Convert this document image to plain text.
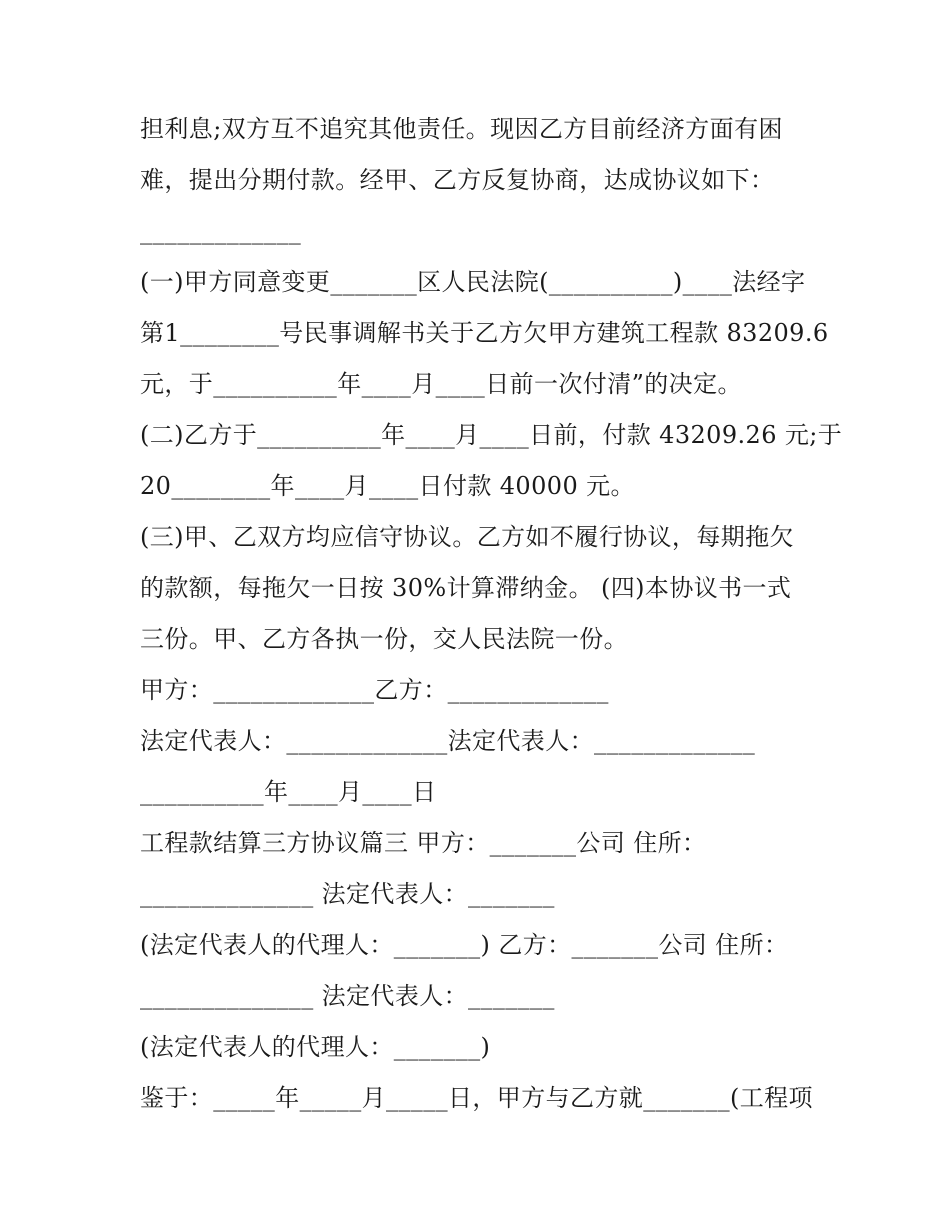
担利息;双方互不追究其他责任。现因乙方目前经济方面有困
难，提出分期付款。经甲、乙方反复协商，达成协议如下：
_____________
(一)甲方同意变更_______区人民法院(__________)____法经字
第1________号民事调解书关于乙方欠甲方建筑工程款 83209.6
元，于__________年____月____日前一次付清”的决定。
(二)乙方于__________年____月____日前，付款 43209.26 元;于
20________年____月____日付款 40000 元。
(三)甲、乙双方均应信守协议。乙方如不履行协议，每期拖欠
的款额，每拖欠一日按 30%计算滞纳金。 (四)本协议书一式
三份。甲、乙方各执一份，交人民法院一份。
甲方：_____________乙方：_____________
法定代表人：_____________法定代表人：_____________
__________年____月____日
工程款结算三方协议篇三 甲方：_______公司 住所：
______________ 法定代表人：_______
(法定代表人的代理人：_______) 乙方：_______公司 住所：
______________ 法定代表人：_______
(法定代表人的代理人：_______)
鉴于：_____年_____月_____日，甲方与乙方就_______(工程项
